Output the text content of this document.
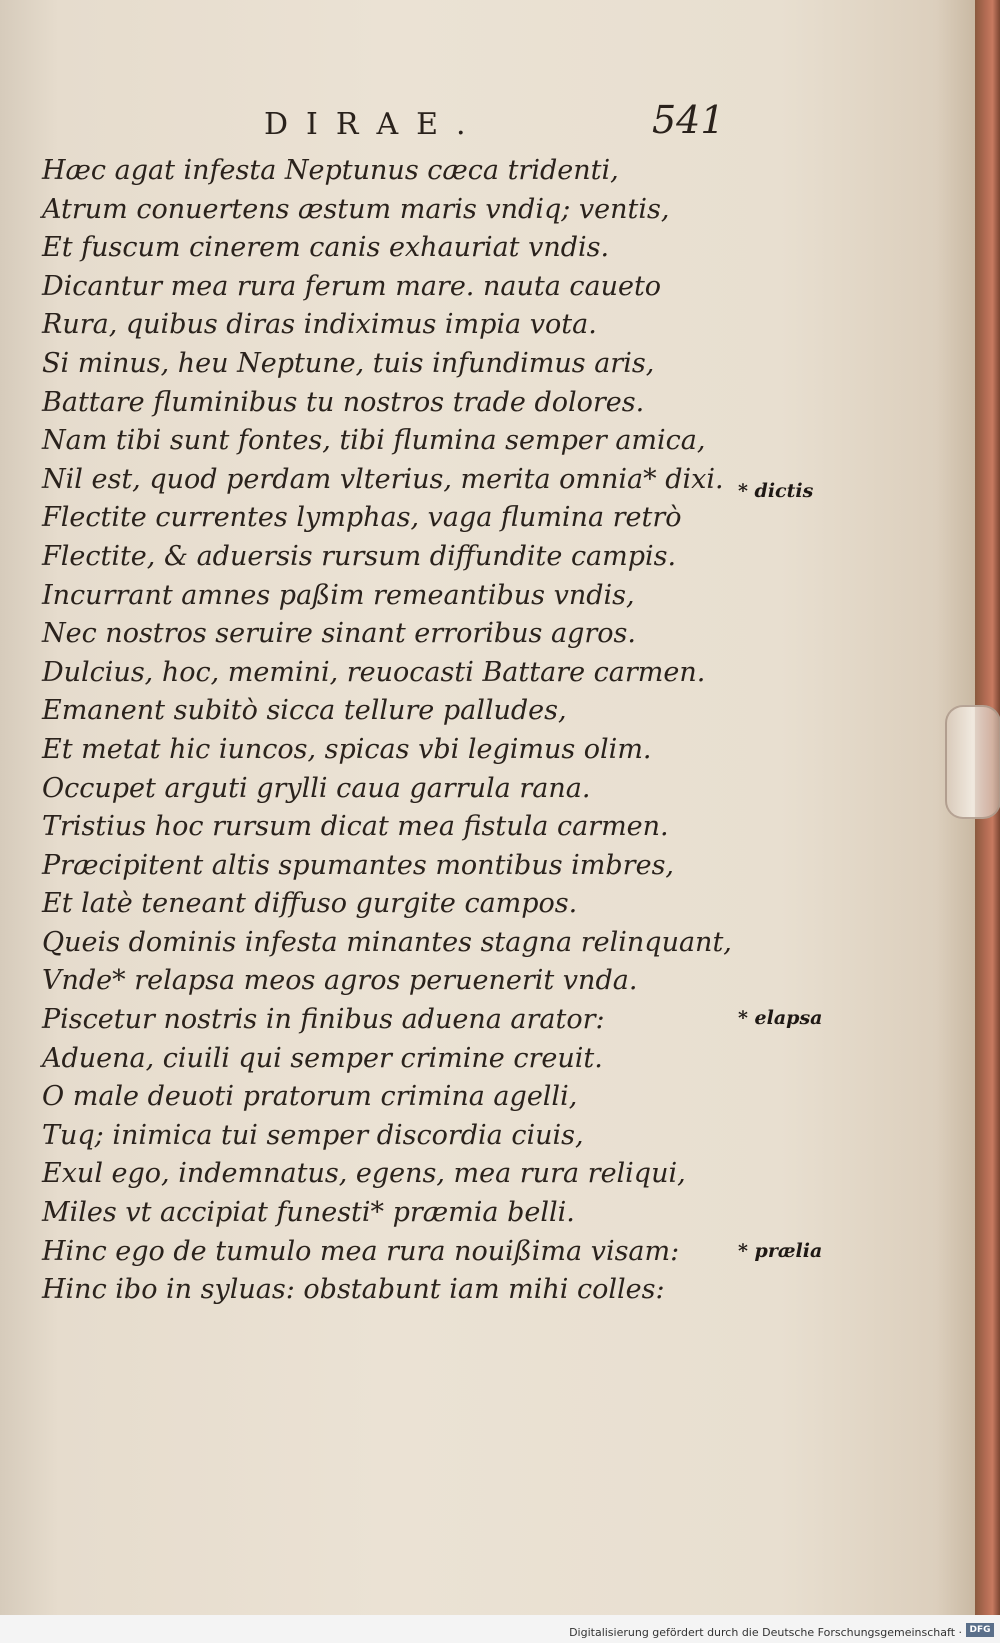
DIRAE.	541
Hæc agat infesta Neptunus cæca tridenti,
Atrum conuertens æstum maris vndiq; ventis,
Et fuscum cinerem canis exhauriat vndis.
Dicantur mea rura ferum mare. nauta caueto
Rura, quibus diras indiximus impia vota.
Si minus, heu Neptune, tuis infundimus aris,
Battare fluminibus tu nostros trade dolores.
Nam tibi sunt fontes, tibi flumina semper amica,
Nil est, quod perdam vlterius, merita omnia* dixi.
Flectite currentes lymphas, vaga flumina retrò
Flectite, & aduersis rursum diffundite campis.
Incurrant amnes paßim remeantibus vndis,
Nec nostros seruire sinant erroribus agros.
Dulcius, hoc, memini, reuocasti Battare carmen.
Emanent subitò sicca tellure palludes,
Et metat hic iuncos, spicas vbi legimus olim.
Occupet arguti grylli caua garrula rana.
Tristius hoc rursum dicat mea fistula carmen.
Præcipitent altis spumantes montibus imbres,
Et latè teneant diffuso gurgite campos.
Queis dominis infesta minantes stagna relinquant,
Vnde* relapsa meos agros peruenerit vnda.
Piscetur nostris in finibus aduena arator:
Aduena, ciuili qui semper crimine creuit.
O male deuoti pratorum crimina agelli,
Tuq; inimica tui semper discordia ciuis,
Exul ego, indemnatus, egens, mea rura reliqui,
Miles vt accipiat funesti* præmia belli.
Hinc ego de tumulo mea rura nouißima visam:
Hinc ibo in syluas: obstabunt iam mihi colles:
* dictis
* elapsa
* prælia
Digitalisierung gefördert durch die Deutsche Forschungsgemeinschaft · DFG
